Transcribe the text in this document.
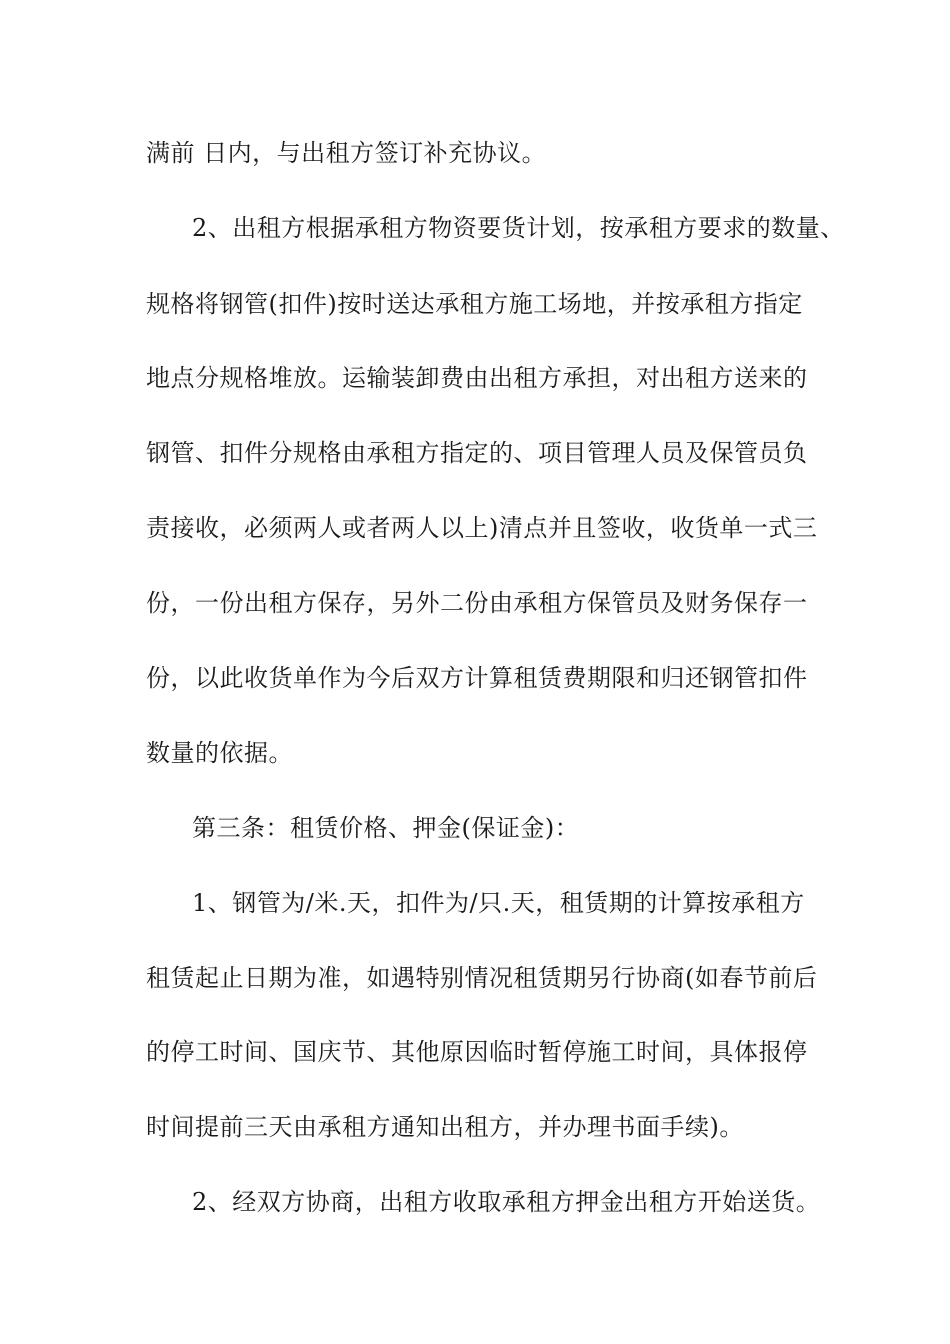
满前 日内，与出租方签订补充协议。
2、出租方根据承租方物资要货计划，按承租方要求的数量、
规格将钢管(扣件)按时送达承租方施工场地，并按承租方指定
地点分规格堆放。运输装卸费由出租方承担，对出租方送来的
钢管、扣件分规格由承租方指定的、项目管理人员及保管员负
责接收，必须两人或者两人以上)清点并且签收，收货单一式三
份，一份出租方保存，另外二份由承租方保管员及财务保存一
份，以此收货单作为今后双方计算租赁费期限和归还钢管扣件
数量的依据。
第三条：租赁价格、押金(保证金)：
1、钢管为/米.天，扣件为/只.天，租赁期的计算按承租方
租赁起止日期为准，如遇特别情况租赁期另行协商(如春节前后
的停工时间、国庆节、其他原因临时暂停施工时间，具体报停
时间提前三天由承租方通知出租方，并办理书面手续)。
2、经双方协商，出租方收取承租方押金出租方开始送货。
